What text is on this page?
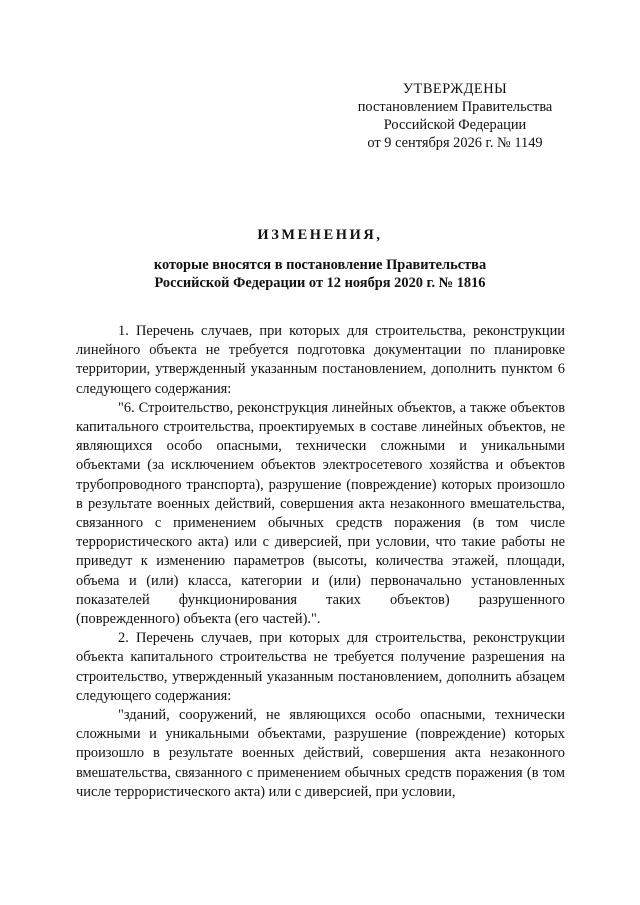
УТВЕРЖДЕНЫ
постановлением Правительства
Российской Федерации
от 9 сентября 2026 г. № 1149
ИЗМЕНЕНИЯ,
которые вносятся в постановление Правительства
Российской Федерации от 12 ноября 2020 г. № 1816

1. Перечень случаев, при которых для строительства, реконструкции линейного объекта не требуется подготовка документации по планировке территории, утвержденный указанным постановлением, дополнить пунктом 6 следующего содержания:

"6. Строительство, реконструкция линейных объектов, а также объектов капитального строительства, проектируемых в составе линейных объектов, не являющихся особо опасными, технически сложными и уникальными объектами (за исключением объектов электросетевого хозяйства и объектов трубопроводного транспорта), разрушение (повреждение) которых произошло в результате военных действий, совершения акта незаконного вмешательства, связанного с применением обычных средств поражения (в том числе террористического акта) или с диверсией, при условии, что такие работы не приведут к изменению параметров (высоты, количества этажей, площади, объема и (или) класса, категории и (или) первоначально установленных показателей функционирования таких объектов) разрушенного (поврежденного) объекта (его частей).".

2. Перечень случаев, при которых для строительства, реконструкции объекта капитального строительства не требуется получение разрешения на строительство, утвержденный указанным постановлением, дополнить абзацем следующего содержания:

"зданий, сооружений, не являющихся особо опасными, технически сложными и уникальными объектами, разрушение (повреждение) которых произошло в результате военных действий, совершения акта незаконного вмешательства, связанного с применением обычных средств поражения (в том числе террористического акта) или с диверсией, при условии,
